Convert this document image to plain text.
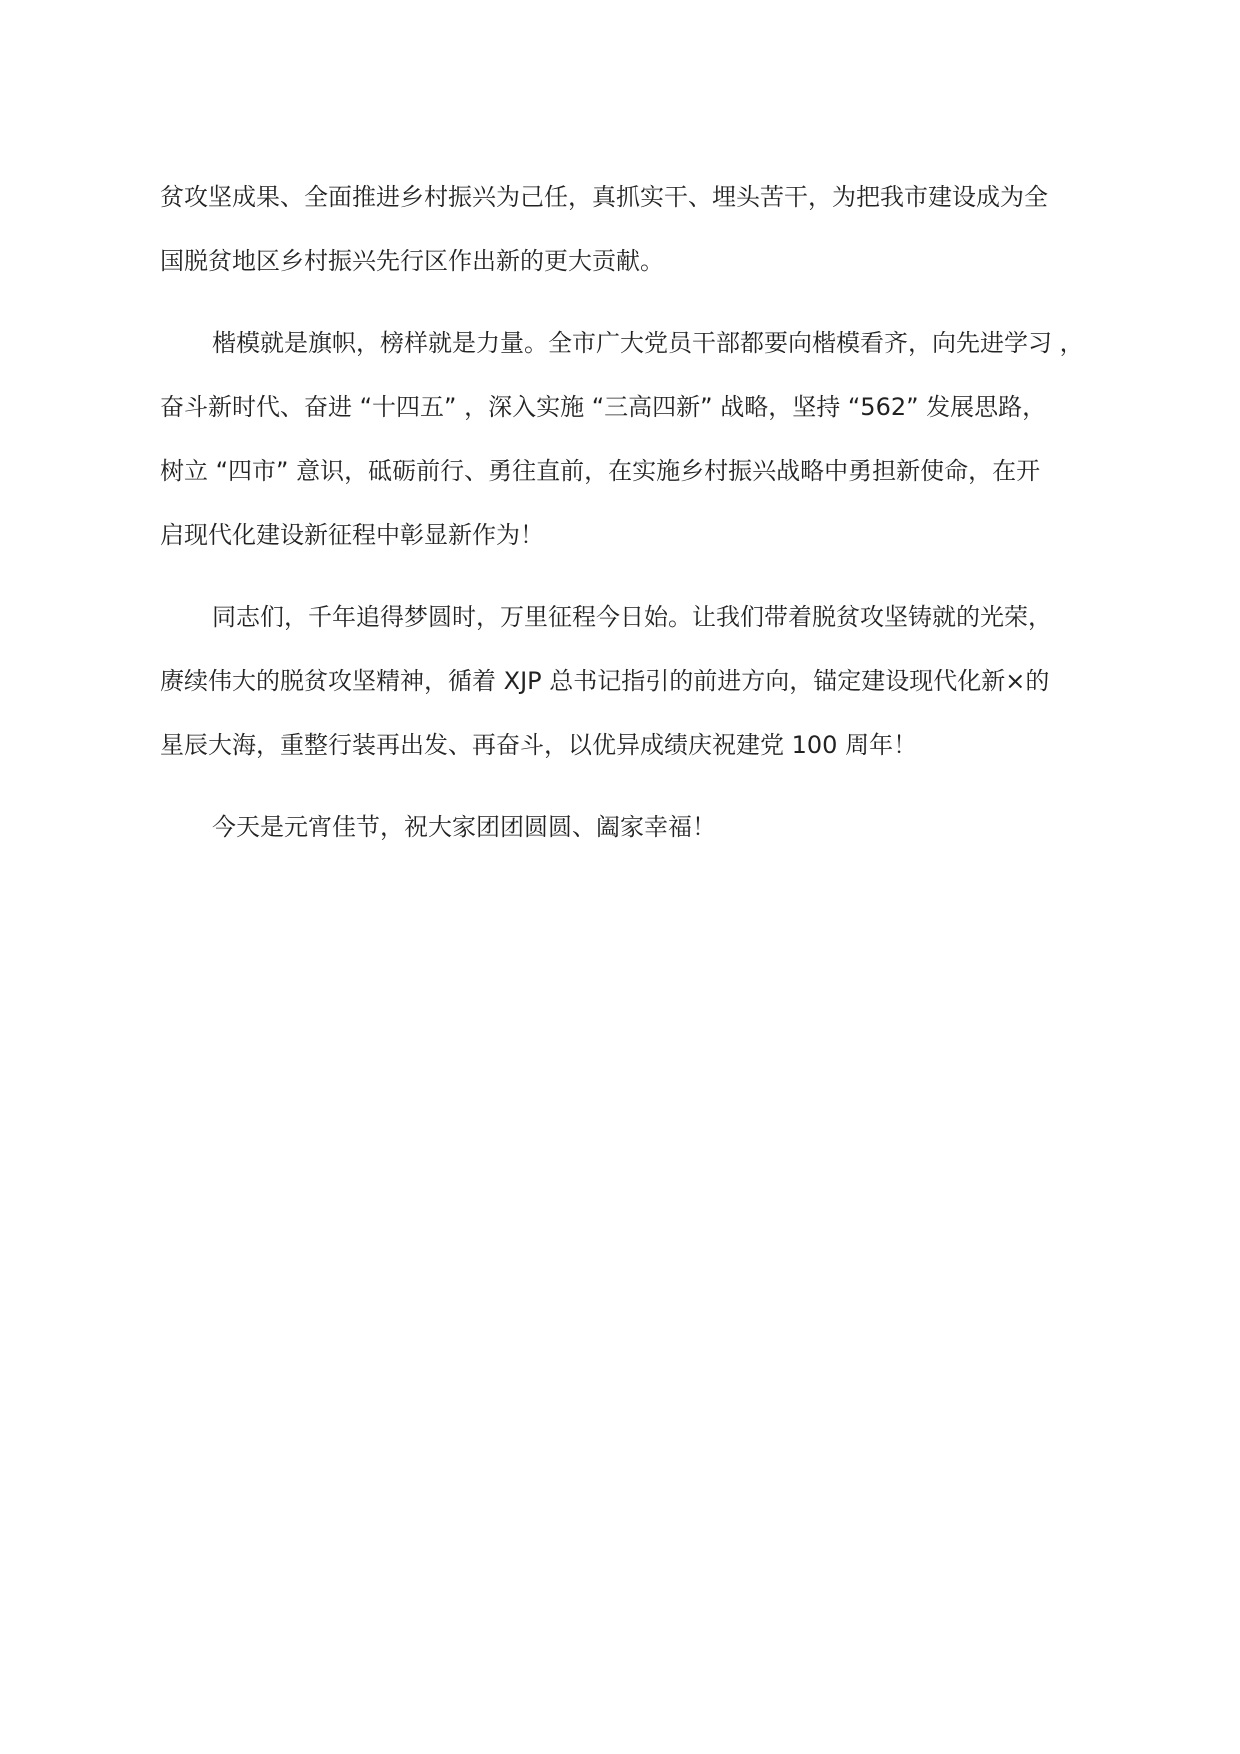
贫攻坚成果、全面推进乡村振兴为己任，真抓实干、埋头苦干，为把我市建设成为全
国脱贫地区乡村振兴先行区作出新的更大贡献。
楷模就是旗帜，榜样就是力量。全市广大党员干部都要向楷模看齐，向先进学习 ，
奋斗新时代、奋进 “十四五” ，深入实施 “三高四新” 战略，坚持 “562” 发展思路，
树立 “四市” 意识，砥砺前行、勇往直前，在实施乡村振兴战略中勇担新使命，在开
启现代化建设新征程中彰显新作为！
同志们，千年追得梦圆时，万里征程今日始。让我们带着脱贫攻坚铸就的光荣，
赓续伟大的脱贫攻坚精神，循着 XJP 总书记指引的前进方向，锚定建设现代化新×的
星辰大海，重整行装再出发、再奋斗，以优异成绩庆祝建党 100 周年！
今天是元宵佳节，祝大家团团圆圆、阖家幸福！
